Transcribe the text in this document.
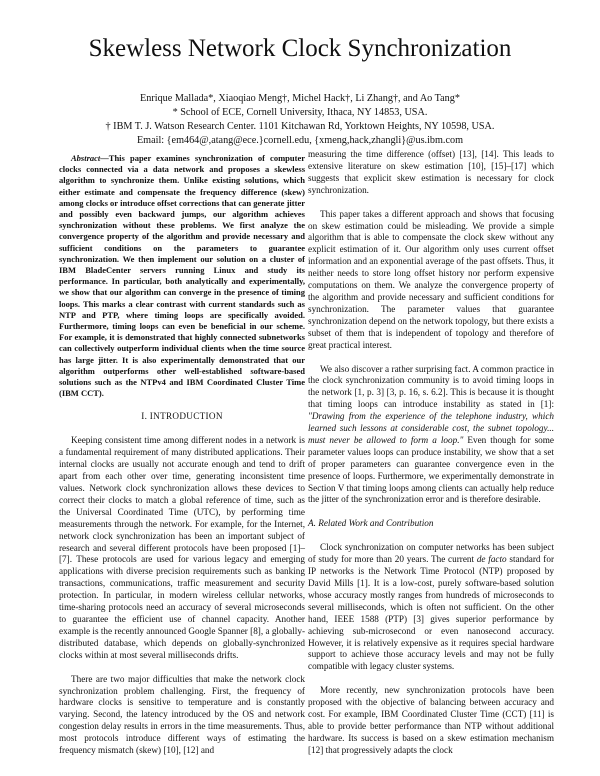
Skewless Network Clock Synchronization
Enrique Mallada*, Xiaoqiao Meng†, Michel Hack†, Li Zhang†, and Ao Tang*
* School of ECE, Cornell University, Ithaca, NY 14853, USA.
† IBM T. J. Watson Research Center. 1101 Kitchawan Rd, Yorktown Heights, NY 10598, USA.
Email: {em464@,atang@ece.}cornell.edu, {xmeng,hack,zhangli}@us.ibm.com

Abstract—This paper examines synchronization of computer clocks connected via a data network and proposes a skewless algorithm to synchronize them. Unlike existing solutions, which either estimate and compensate the frequency difference (skew) among clocks or introduce offset corrections that can generate jitter and possibly even backward jumps, our algorithm achieves synchronization without these problems. We first analyze the convergence property of the algorithm and provide necessary and sufficient conditions on the parameters to guarantee synchronization. We then implement our solution on a cluster of IBM BladeCenter servers running Linux and study its performance. In particular, both analytically and experimentally, we show that our algorithm can converge in the presence of timing loops. This marks a clear contrast with current standards such as NTP and PTP, where timing loops are specifically avoided. Furthermore, timing loops can even be beneficial in our scheme. For example, it is demonstrated that highly connected subnetworks can collectively outperform individual clients when the time source has large jitter. It is also experimentally demonstrated that our algorithm outperforms other well-established software-based solutions such as the NTPv4 and IBM Coordinated Cluster Time (IBM CCT).

I. INTRODUCTION

Keeping consistent time among different nodes in a network is a fundamental requirement of many distributed applications. Their internal clocks are usually not accurate enough and tend to drift apart from each other over time, generating inconsistent time values. Network clock synchronization allows these devices to correct their clocks to match a global reference of time, such as the Universal Coordinated Time (UTC), by performing time measurements through the network. For example, for the Internet, network clock synchronization has been an important subject of research and several different protocols have been proposed [1]–[7]. These protocols are used for various legacy and emerging applications with diverse precision requirements such as banking transactions, communications, traffic measurement and security protection. In particular, in modern wireless cellular networks, time-sharing protocols need an accuracy of several microseconds to guarantee the efficient use of channel capacity. Another example is the recently announced Google Spanner [8], a globally-distributed database, which depends on globally-synchronized clocks within at most several milliseconds drifts.

There are two major difficulties that make the network clock synchronization problem challenging. First, the frequency of hardware clocks is sensitive to temperature and is constantly varying. Second, the latency introduced by the OS and network congestion delay results in errors in the time measurements. Thus, most protocols introduce different ways of estimating the frequency mismatch (skew) [10], [12] and

measuring the time difference (offset) [13], [14]. This leads to extensive literature on skew estimation [10], [15]–[17] which suggests that explicit skew estimation is necessary for clock synchronization.

This paper takes a different approach and shows that focusing on skew estimation could be misleading. We provide a simple algorithm that is able to compensate the clock skew without any explicit estimation of it. Our algorithm only uses current offset information and an exponential average of the past offsets. Thus, it neither needs to store long offset history nor perform expensive computations on them. We analyze the convergence property of the algorithm and provide necessary and sufficient conditions for synchronization. The parameter values that guarantee synchronization depend on the network topology, but there exists a subset of them that is independent of topology and therefore of great practical interest.

We also discover a rather surprising fact. A common practice in the clock synchronization community is to avoid timing loops in the network [1, p. 3] [3, p. 16, s. 6.2]. This is because it is thought that timing loops can introduce instability as stated in [1]: "Drawing from the experience of the telephone industry, which learned such lessons at considerable cost, the subnet topology... must never be allowed to form a loop." Even though for some parameter values loops can produce instability, we show that a set of proper parameters can guarantee convergence even in the presence of loops. Furthermore, we experimentally demonstrate in Section V that timing loops among clients can actually help reduce the jitter of the synchronization error and is therefore desirable.

A. Related Work and Contribution

Clock synchronization on computer networks has been subject of study for more than 20 years. The current de facto standard for IP networks is the Network Time Protocol (NTP) proposed by David Mills [1]. It is a low-cost, purely software-based solution whose accuracy mostly ranges from hundreds of microseconds to several milliseconds, which is often not sufficient. On the other hand, IEEE 1588 (PTP) [3] gives superior performance by achieving sub-microsecond or even nanosecond accuracy. However, it is relatively expensive as it requires special hardware support to achieve those accuracy levels and may not be fully compatible with legacy cluster systems.

More recently, new synchronization protocols have been proposed with the objective of balancing between accuracy and cost. For example, IBM Coordinated Cluster Time (CCT) [11] is able to provide better performance than NTP without additional hardware. Its success is based on a skew estimation mechanism [12] that progressively adapts the clock
